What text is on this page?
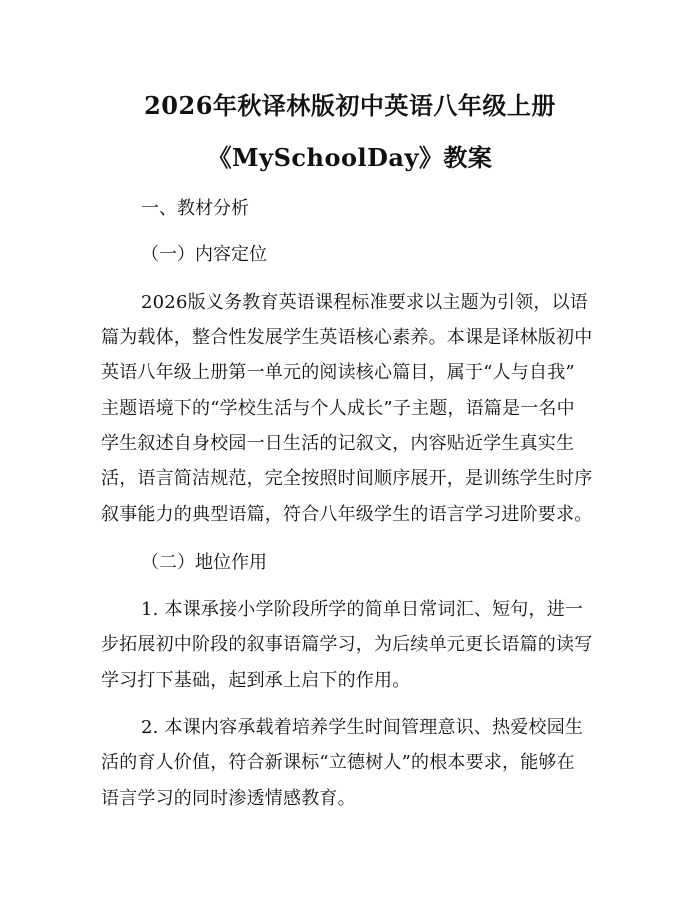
2026年秋译林版初中英语八年级上册
《MySchoolDay》教案
一、教材分析
（一）内容定位
2026版义务教育英语课程标准要求以主题为引领，以语
篇为载体，整合性发展学生英语核心素养。本课是译林版初中
英语八年级上册第一单元的阅读核心篇目，属于“人与自我”
主题语境下的“学校生活与个人成长”子主题，语篇是一名中
学生叙述自身校园一日生活的记叙文，内容贴近学生真实生
活，语言简洁规范，完全按照时间顺序展开，是训练学生时序
叙事能力的典型语篇，符合八年级学生的语言学习进阶要求。
（二）地位作用
1. 本课承接小学阶段所学的简单日常词汇、短句，进一
步拓展初中阶段的叙事语篇学习，为后续单元更长语篇的读写
学习打下基础，起到承上启下的作用。
2. 本课内容承载着培养学生时间管理意识、热爱校园生
活的育人价值，符合新课标“立德树人”的根本要求，能够在
语言学习的同时渗透情感教育。
